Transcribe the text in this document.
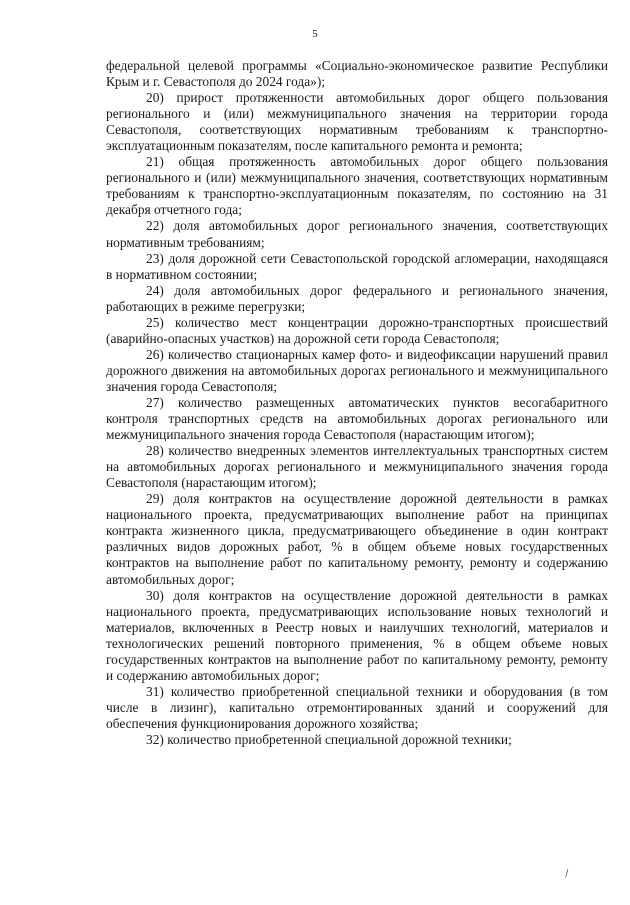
5

федеральной целевой программы «Социально-экономическое развитие Республики Крым и г. Севастополя до 2024 года»);

20) прирост протяженности автомобильных дорог общего пользования регионального и (или) межмуниципального значения на территории города Севастополя, соответствующих нормативным требованиям к транспортно-эксплуатационным показателям, после капитального ремонта и ремонта;

21) общая протяженность автомобильных дорог общего пользования регионального и (или) межмуниципального значения, соответствующих нормативным требованиям к транспортно-эксплуатационным показателям, по состоянию на 31 декабря отчетного года;

22) доля автомобильных дорог регионального значения, соответствующих нормативным требованиям;

23) доля дорожной сети Севастопольской городской агломерации, находящаяся в нормативном состоянии;

24) доля автомобильных дорог федерального и регионального значения, работающих в режиме перегрузки;

25) количество мест концентрации дорожно-транспортных происшествий (аварийно-опасных участков) на дорожной сети города Севастополя;

26) количество стационарных камер фото- и видеофиксации нарушений правил дорожного движения на автомобильных дорогах регионального и межмуниципального значения города Севастополя;

27) количество размещенных автоматических пунктов весогабаритного контроля транспортных средств на автомобильных дорогах регионального или межмуниципального значения города Севастополя (нарастающим итогом);

28) количество внедренных элементов интеллектуальных транспортных систем на автомобильных дорогах регионального и межмуниципального значения города Севастополя (нарастающим итогом);

29) доля контрактов на осуществление дорожной деятельности в рамках национального проекта, предусматривающих выполнение работ на принципах контракта жизненного цикла, предусматривающего объединение в один контракт различных видов дорожных работ, % в общем объеме новых государственных контрактов на выполнение работ по капитальному ремонту, ремонту и содержанию автомобильных дорог;

30) доля контрактов на осуществление дорожной деятельности в рамках национального проекта, предусматривающих использование новых технологий и материалов, включенных в Реестр новых и наилучших технологий, материалов и технологических решений повторного применения, % в общем объеме новых государственных контрактов на выполнение работ по капитальному ремонту, ремонту и содержанию автомобильных дорог;

31) количество приобретенной специальной техники и оборудования (в том числе в лизинг), капитально отремонтированных зданий и сооружений для обеспечения функционирования дорожного хозяйства;

32) количество приобретенной специальной дорожной техники;

\
